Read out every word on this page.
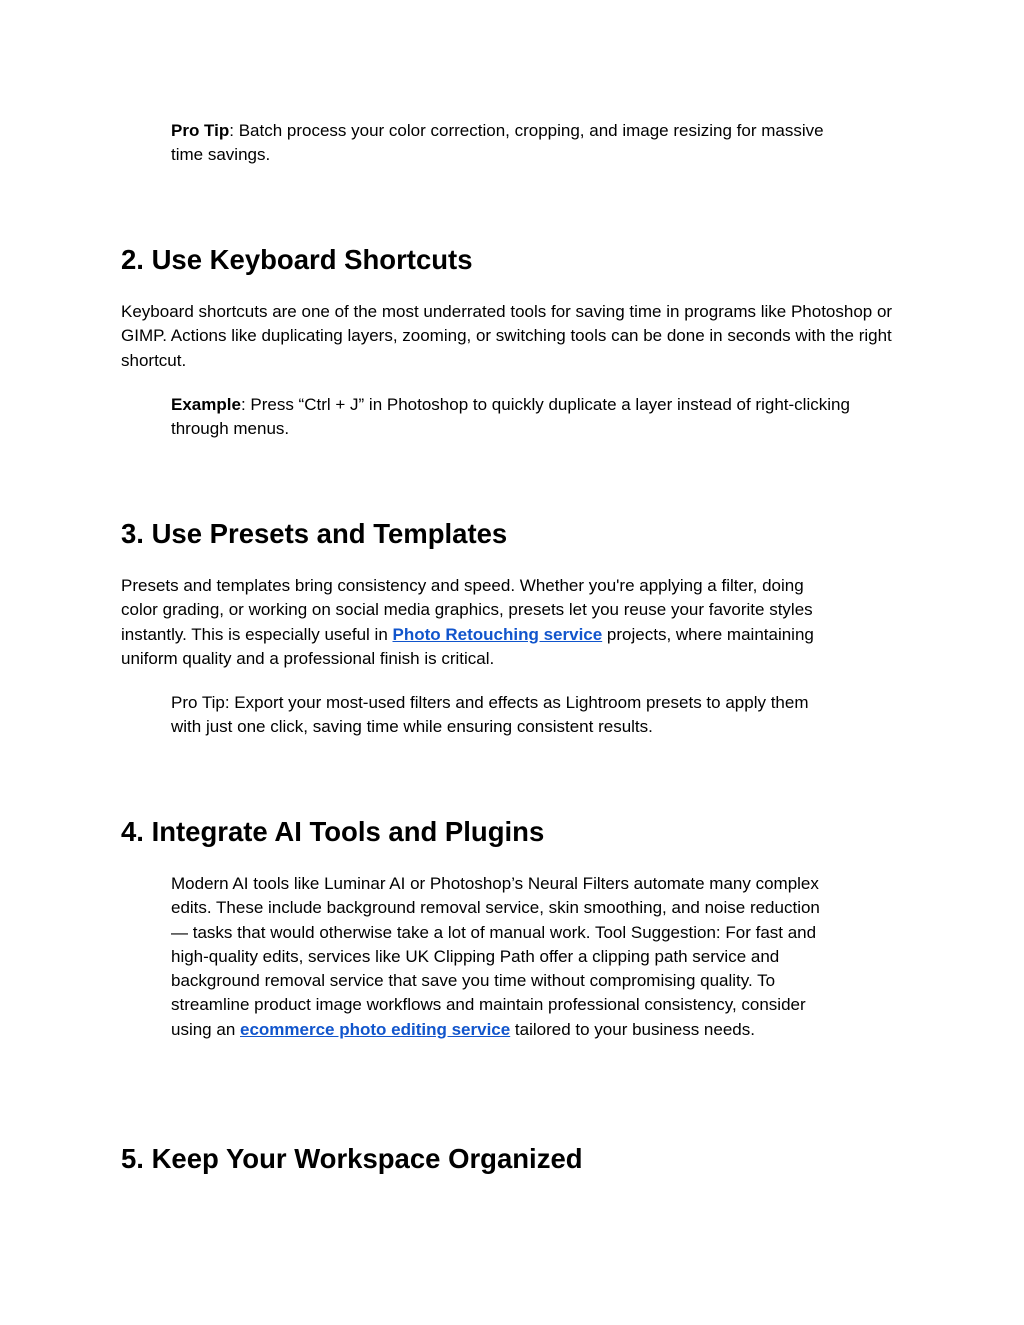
Pro Tip: Batch process your color correction, cropping, and image resizing for massive time savings.

2. Use Keyboard Shortcuts

Keyboard shortcuts are one of the most underrated tools for saving time in programs like Photoshop or GIMP. Actions like duplicating layers, zooming, or switching tools can be done in seconds with the right shortcut.

Example: Press “Ctrl + J” in Photoshop to quickly duplicate a layer instead of right-clicking through menus.

3. Use Presets and Templates

Presets and templates bring consistency and speed. Whether you're applying a filter, doing color grading, or working on social media graphics, presets let you reuse your favorite styles instantly. This is especially useful in Photo Retouching service projects, where maintaining uniform quality and a professional finish is critical.

Pro Tip: Export your most-used filters and effects as Lightroom presets to apply them with just one click, saving time while ensuring consistent results.

4. Integrate AI Tools and Plugins

Modern AI tools like Luminar AI or Photoshop’s Neural Filters automate many complex edits. These include background removal service, skin smoothing, and noise reduction — tasks that would otherwise take a lot of manual work. Tool Suggestion: For fast and high-quality edits, services like UK Clipping Path offer a clipping path service and background removal service that save you time without compromising quality. To streamline product image workflows and maintain professional consistency, consider using an ecommerce photo editing service tailored to your business needs.

5. Keep Your Workspace Organized
